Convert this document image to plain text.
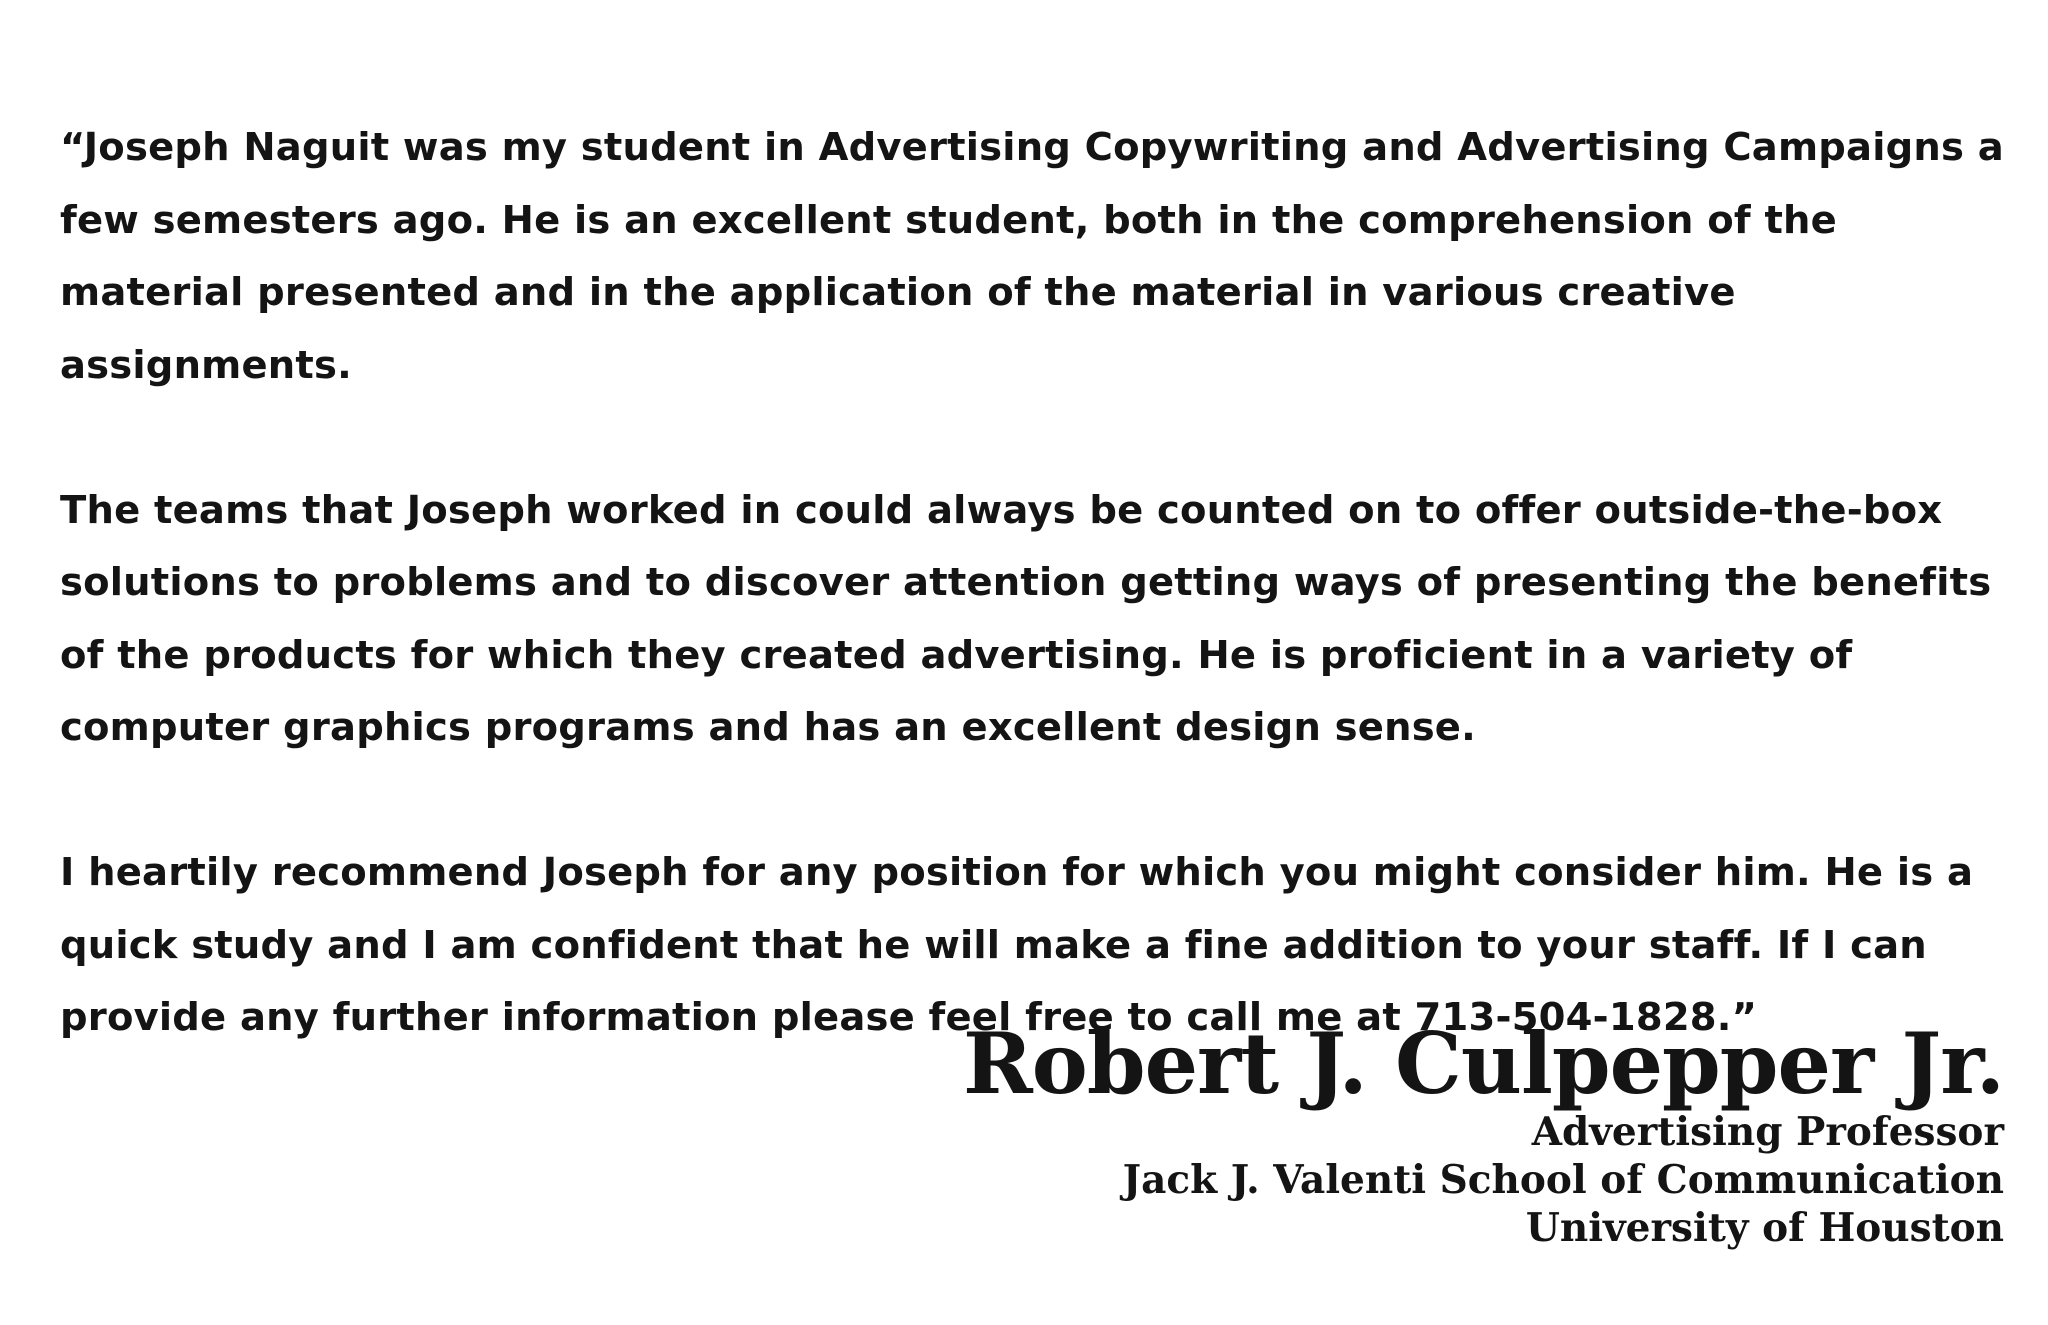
“Joseph Naguit was my student in Advertising Copywriting and Advertising Campaigns a few semesters ago. He is an excellent student, both in the comprehension of the material presented and in the application of the material in various creative assignments.

The teams that Joseph worked in could always be counted on to offer outside-the-box solutions to problems and to discover attention getting ways of presenting the benefits of the products for which they created advertising. He is proficient in a variety of computer graphics programs and has an excellent design sense.

I heartily recommend Joseph for any position for which you might consider him. He is a quick study and I am confident that he will make a fine addition to your staff. If I can provide any further information please feel free to call me at 713-504-1828.”

Robert J. Culpepper Jr.
Advertising Professor
Jack J. Valenti School of Communication
University of Houston
